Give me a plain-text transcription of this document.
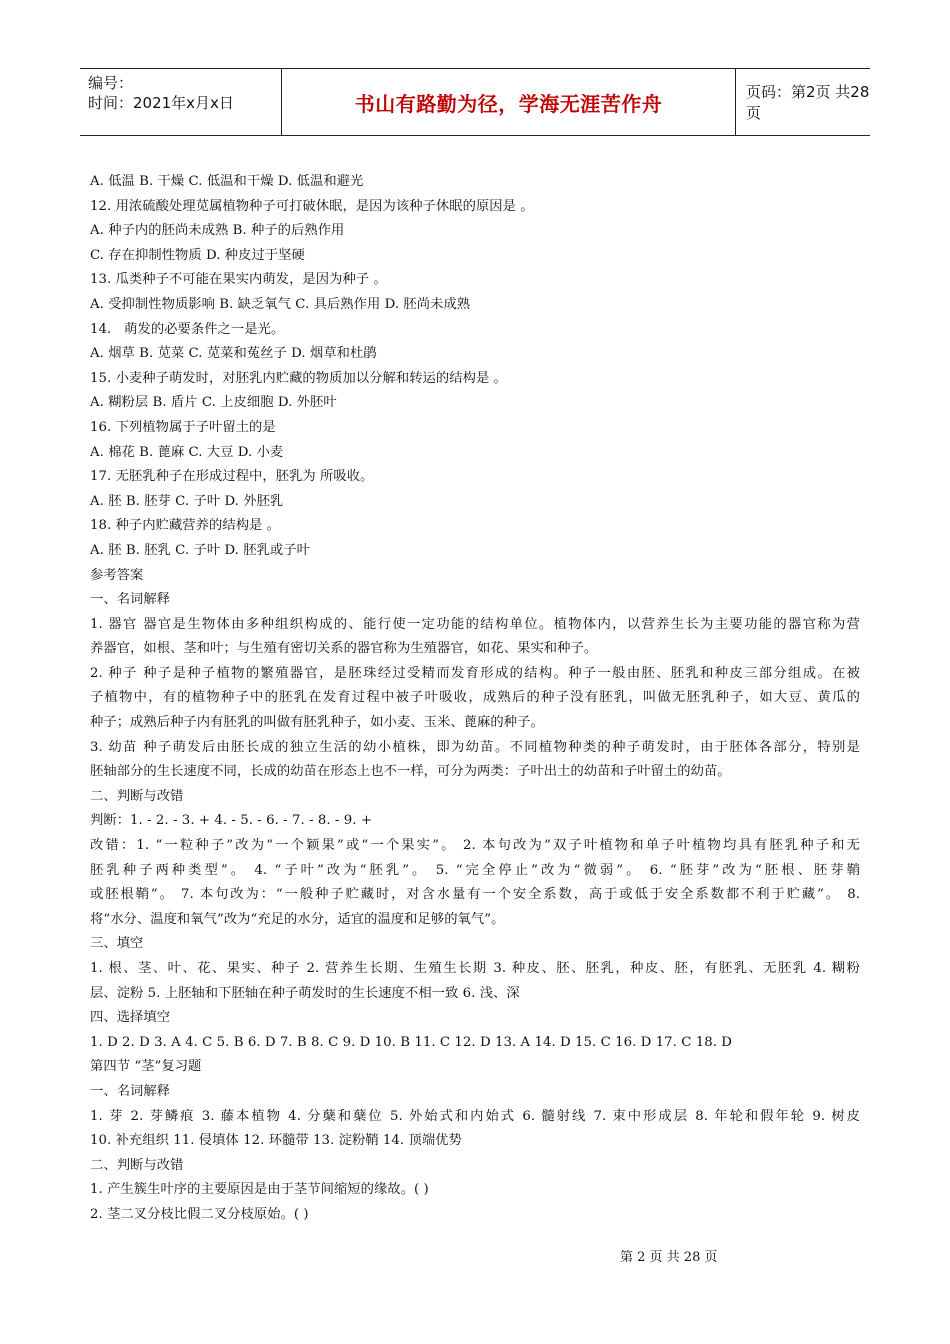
编号：
时间：2021年x月x日	书山有路勤为径，学海无涯苦作舟	页码：第2页 共28页
A. 低温 B. 干燥 C. 低温和干燥 D. 低温和避光
12. 用浓硫酸处理苋属植物种子可打破休眠，是因为该种子休眠的原因是 。
A. 种子内的胚尚未成熟 B. 种子的后熟作用
C. 存在抑制性物质 D. 种皮过于坚硬
13. 瓜类种子不可能在果实内萌发，是因为种子 。
A. 受抑制性物质影响 B. 缺乏氧气 C. 具后熟作用 D. 胚尚未成熟
14.   萌发的必要条件之一是光。
A. 烟草 B. 苋菜 C. 苋菜和菟丝子 D. 烟草和杜鹃
15. 小麦种子萌发时，对胚乳内贮藏的物质加以分解和转运的结构是 。
A. 糊粉层 B. 盾片 C. 上皮细胞 D. 外胚叶
16. 下列植物属于子叶留土的是
A. 棉花 B. 蓖麻 C. 大豆 D. 小麦
17. 无胚乳种子在形成过程中，胚乳为 所吸收。
A. 胚 B. 胚芽 C. 子叶 D. 外胚乳
18. 种子内贮藏营养的结构是 。
A. 胚 B. 胚乳 C. 子叶 D. 胚乳或子叶
参考答案
一、名词解释
1. 器官 器官是生物体由多种组织构成的、能行使一定功能的结构单位。植物体内，以营养生长为主要功能的器官称为营
养器官，如根、茎和叶；与生殖有密切关系的器官称为生殖器官，如花、果实和种子。
2. 种子 种子是种子植物的繁殖器官，是胚珠经过受精而发育形成的结构。种子一般由胚、胚乳和种皮三部分组成。在被
子植物中，有的植物种子中的胚乳在发育过程中被子叶吸收，成熟后的种子没有胚乳，叫做无胚乳种子，如大豆、黄瓜的
种子；成熟后种子内有胚乳的叫做有胚乳种子，如小麦、玉米、蓖麻的种子。
3. 幼苗 种子萌发后由胚长成的独立生活的幼小植株，即为幼苗。不同植物种类的种子萌发时，由于胚体各部分，特别是
胚轴部分的生长速度不同，长成的幼苗在形态上也不一样，可分为两类：子叶出土的幼苗和子叶留土的幼苗。
二、判断与改错
判断：1. - 2. - 3. + 4. - 5. - 6. - 7. - 8. - 9. +
改错：1. “一粒种子”改为“一个颖果”或“一个果实”。 2. 本句改为“双子叶植物和单子叶植物均具有胚乳种子和无
胚乳种子两种类型”。 4. “子叶”改为“胚乳”。 5. “完全停止”改为“微弱”。 6. “胚芽”改为“胚根、胚芽鞘
或胚根鞘”。 7. 本句改为：“一般种子贮藏时，对含水量有一个安全系数，高于或低于安全系数都不利于贮藏”。 8.
将“水分、温度和氧气”改为“充足的水分，适宜的温度和足够的氧气”。
三、填空
1. 根、茎、叶、花、果实、种子 2. 营养生长期、生殖生长期 3. 种皮、胚、胚乳，种皮、胚，有胚乳、无胚乳 4. 糊粉
层、淀粉 5. 上胚轴和下胚轴在种子萌发时的生长速度不相一致 6. 浅、深
四、选择填空
1. D 2. D 3. A 4. C 5. B 6. D 7. B 8. C 9. D 10. B 11. C 12. D 13. A 14. D 15. C 16. D 17. C 18. D
第四节 “茎”复习题
一、名词解释
1. 芽 2. 芽鳞痕 3. 藤本植物 4. 分蘖和蘖位 5. 外始式和内始式 6. 髓射线 7. 束中形成层 8. 年轮和假年轮 9. 树皮
10. 补充组织 11. 侵填体 12. 环髓带 13. 淀粉鞘 14. 顶端优势
二、判断与改错
1. 产生簇生叶序的主要原因是由于茎节间缩短的缘故。( )
2. 茎二叉分枝比假二叉分枝原始。( )
第 2 页 共 28 页
